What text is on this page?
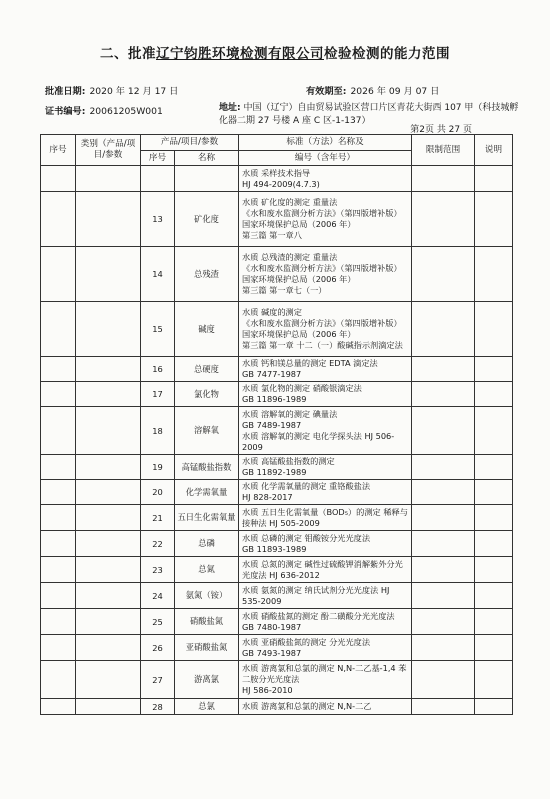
二、批准辽宁钧胜环境检测有限公司检验检测的能力范围
批准日期: 2020 年 12 月 17 日	有效期至: 2026 年 09 月 07 日
证书编号: 20061205W001	地址: 中国（辽宁）自由贸易试验区营口片区青花大街西 107 甲（科技城孵化器二期 27 号楼 A 座 C 区-1-137）
第2页 共 27 页
序号	类别（产品/项目/参数	产品/项目/参数		标准（方法）名称及	限制范围	说明
		序号	名称	编号（含年号）		
				水质 采样技术指导
HJ 494-2009(4.7.3)		
		13	矿化度	水质 矿化度的测定 重量法
《水和废水监测分析方法》（第四版增补版）国家环境保护总局（2006 年）
第三篇 第一章八		
		14	总残渣	水质 总残渣的测定 重量法
《水和废水监测分析方法》（第四版增补版）国家环境保护总局（2006 年）
第三篇 第一章七（一）		
		15	碱度	水质 碱度的测定
《水和废水监测分析方法》（第四版增补版）国家环境保护总局（2006 年）
第三篇 第一章 十二（一）酸碱指示剂滴定法		
		16	总硬度	水质 钙和镁总量的测定 EDTA 滴定法
GB 7477-1987		
		17	氯化物	水质 氯化物的测定 硝酸银滴定法
GB 11896-1989		
		18	溶解氧	水质 溶解氧的测定 碘量法
GB 7489-1987
水质 溶解氧的测定 电化学探头法 HJ 506-2009		
		19	高锰酸盐指数	水质 高锰酸盐指数的测定
GB 11892-1989		
		20	化学需氧量	水质 化学需氧量的测定 重铬酸盐法
HJ 828-2017		
		21	五日生化需氧量	水质 五日生化需氧量（BOD₅）的测定 稀释与接种法 HJ 505-2009		
		22	总磷	水质 总磷的测定 钼酸铵分光光度法
GB 11893-1989		
		23	总氮	水质 总氮的测定 碱性过硫酸钾消解紫外分光光度法 HJ 636-2012		
		24	氨氮（铵）	水质 氨氮的测定 纳氏试剂分光光度法 HJ 535-2009		
		25	硝酸盐氮	水质 硝酸盐氮的测定 酚二磺酸分光光度法 GB 7480-1987		
		26	亚硝酸盐氮	水质 亚硝酸盐氮的测定 分光光度法
GB 7493-1987		
		27	游离氯	水质 游离氯和总氯的测定 N,N-二乙基-1,4 苯二胺分光光度法
HJ 586-2010		
		28	总氯	水质 游离氯和总氯的测定 N,N-二乙		
